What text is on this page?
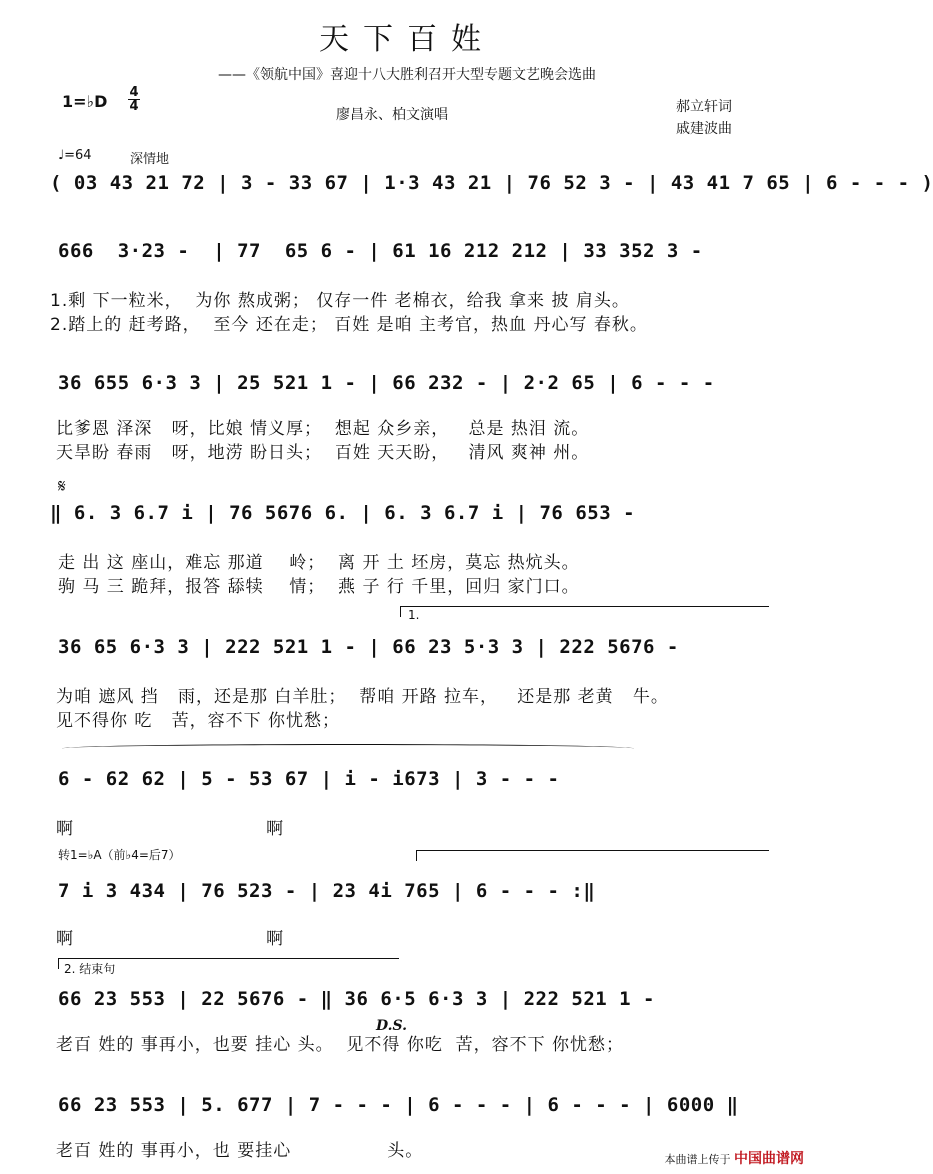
天下百姓
——《领航中国》喜迎十八大胜利召开大型专题文艺晚会选曲
1=♭D 4
4
廖昌永、柏文演唱	郝立轩词
戚建波曲
♩=64	深情地
( 03 43 21 72 | 3 - 33 67 | 1·3 43 21 | 76 52 3 - | 43 41 7 65 | 6 - - - )
666  3·23 -  | 77  65 6 - | 61 16 212 212 | 33 352 3 -
1.剩 下一粒米，  为你 熬成粥； 仅存一件 老棉衣，给我 拿来 披 肩头。
2.踏上的 赶考路，  至今 还在走； 百姓 是咱 主考官，热血 丹心写 春秋。
36 655 6·3 3 | 25 521 1 - | 66 232 - | 2·2 65 | 6 - - -
比爹恩 泽深   呀，比娘 情义厚；  想起 众乡亲，   总是 热泪 流。
天旱盼 春雨   呀，地涝 盼日头；  百姓 天天盼，   清风 爽神 州。
𝄋
‖ 6. 3 6.7 i | 76 5676 6. | 6. 3 6.7 i | 76 653 -
走 出 这 座山，难忘 那道    岭；  离 开 土 坯房，莫忘 热炕头。
驹 马 三 跪拜，报答 舔犊    情；  燕 子 行 千里，回归 家门口。
1.
36 65 6·3 3 | 222 521 1 - | 66 23 5·3 3 | 222 5676 -
为咱 遮风 挡   雨，还是那 白羊肚；  帮咱 开路 拉车，   还是那 老黄   牛。
见不得你 吃   苦，容不下 你忧愁；
6 - 62 62 | 5 - 53 67 | i - i673 | 3 - - -
啊                              啊
转1=♭A（前♭4=后7）
7 i 3 434 | 76 523 - | 23 4i 765 | 6 - - - :‖
啊                              啊
2. 结束句
66 23 553 | 22 5676 - ‖ 36 6·5 6·3 3 | 222 521 1 -
D.S.
老百 姓的 事再小，也要 挂心 头。  见不得 你吃  苦，容不下 你忧愁；
66 23 553 | 5. 677 | 7 - - - | 6 - - - | 6 - - - | 6000 ‖
老百 姓的 事再小，也 要挂心               头。	本曲谱上传于 中国曲谱网
